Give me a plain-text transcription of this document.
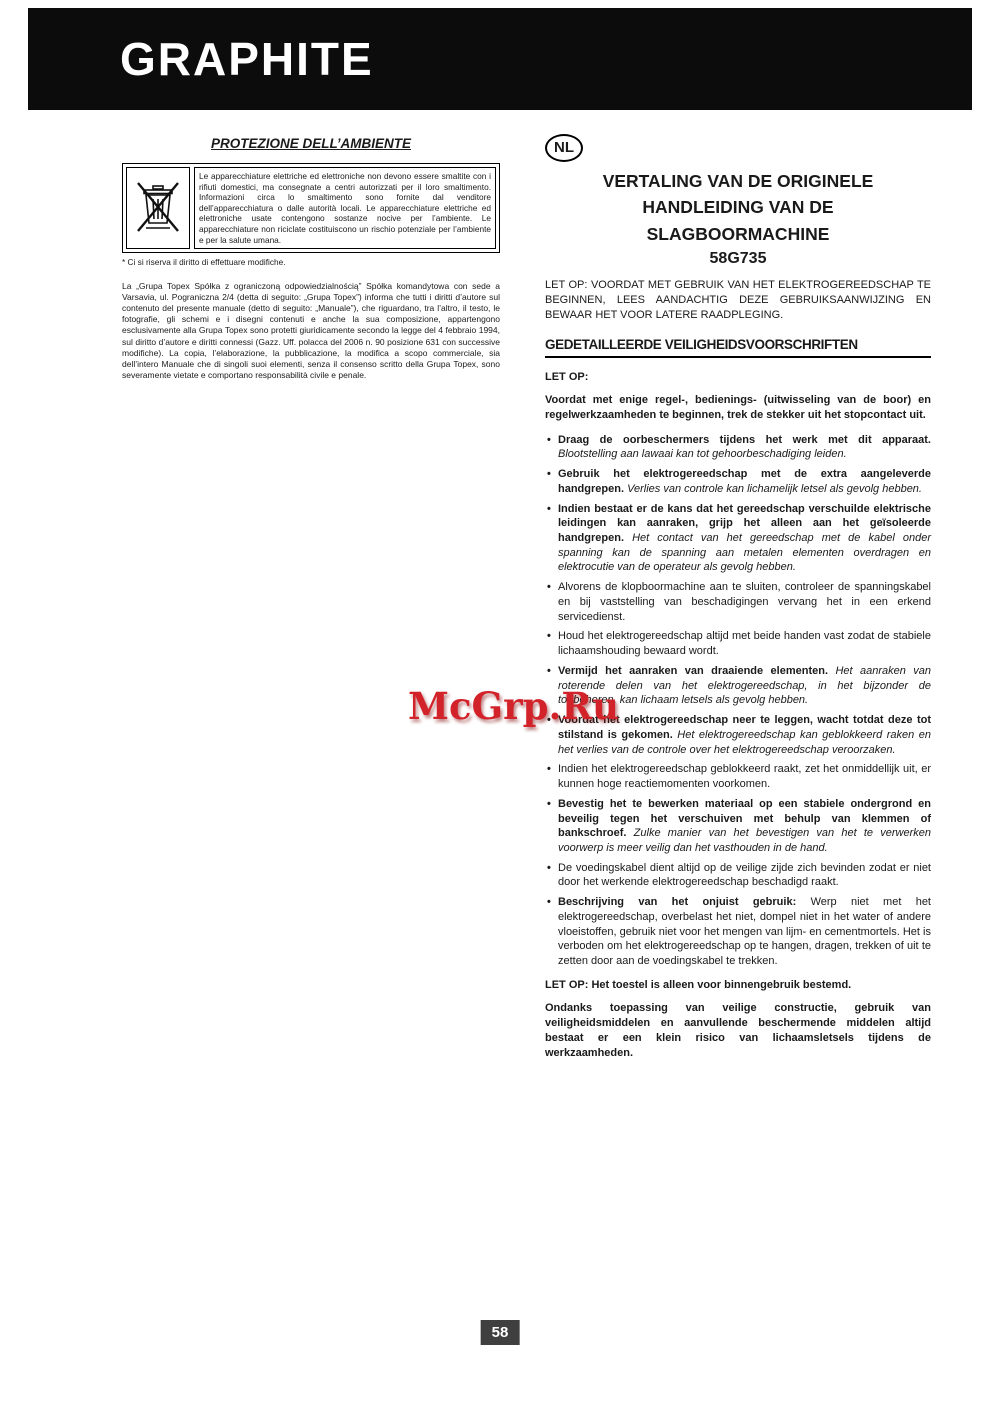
GRAPHITE
PROTEZIONE DELL’AMBIENTE
Le apparecchiature elettriche ed elettroniche non devono essere smaltite con i rifiuti domestici, ma consegnate a centri autorizzati per il loro smaltimento. Informazioni circa lo smaltimento sono fornite dal venditore dell’apparecchiatura o dalle autorità locali. Le apparecchiature elettriche ed elettroniche usate contengono sostanze nocive per l’ambiente. Le apparecchiature non riciclate costituiscono un rischio potenziale per l’ambiente e per la salute umana.
* Ci si riserva il diritto di effettuare modifiche.
La „Grupa Topex Spółka z ograniczoną odpowiedzialnością” Spółka komandytowa con sede a Varsavia, ul. Pograniczna 2/4 (detta di seguito: „Grupa Topex”) informa che tutti i diritti d’autore sul contenuto del presente manuale (detto di seguito: „Manuale”), che riguardano, tra l’altro, il testo, le fotografie, gli schemi e i disegni contenuti e anche la sua composizione, appartengono esclusivamente alla Grupa Topex sono protetti giuridicamente secondo la legge del 4 febbraio 1994, sul diritto d’autore e diritti connessi (Gazz. Uff. polacca del 2006 n. 90 posizione 631 con successive modifiche). La copia, l’elaborazione, la pubblicazione, la modifica a scopo commerciale, sia dell’intero Manuale che di singoli suoi elementi, senza il consenso scritto della Grupa Topex, sono severamente vietate e comportano responsabilità civile e penale.
NL
VERTALING VAN DE ORIGINELE
HANDLEIDING VAN DE
SLAGBOORMACHINE
58G735
LET OP: VOORDAT MET GEBRUIK VAN HET ELEKTROGEREEDSCHAP TE BEGINNEN, LEES AANDACHTIG DEZE GEBRUIKSAANWIJZING EN BEWAAR HET VOOR LATERE RAADPLEGING.
GEDETAILLEERDE VEILIGHEIDSVOORSCHRIFTEN
LET OP:
Voordat met enige regel-, bedienings- (uitwisseling van de boor) en regelwerkzaamheden te beginnen, trek de stekker uit het stopcontact uit.
• Draag de oorbeschermers tijdens het werk met dit apparaat. Blootstelling aan lawaai kan tot gehoorbeschadiging leiden.
• Gebruik het elektrogereedschap met de extra aangeleverde handgrepen. Verlies van controle kan lichamelijk letsel als gevolg hebben.
• Indien bestaat er de kans dat het gereedschap verschuilde elektrische leidingen kan aanraken, grijp het alleen aan het geïsoleerde handgrepen. Het contact van het gereedschap met de kabel onder spanning kan de spanning aan metalen elementen overdragen en elektrocutie van de operateur als gevolg hebben.
• Alvorens de klopboormachine aan te sluiten, controleer de spanningskabel en bij vaststelling van beschadigingen vervang het in een erkend servicedienst.
• Houd het elektrogereedschap altijd met beide handen vast zodat de stabiele lichaamshouding bewaard wordt.
• Vermijd het aanraken van draaiende elementen. Het aanraken van roterende delen van het elektrogereedschap, in het bijzonder de toebehoren, kan lichaam letsels als gevolg hebben.
• Voordat het elektrogereedschap neer te leggen, wacht totdat deze tot stilstand is gekomen. Het elektrogereedschap kan geblokkeerd raken en het verlies van de controle over het elektrogereedschap veroorzaken.
• Indien het elektrogereedschap geblokkeerd raakt, zet het onmiddellijk uit, er kunnen hoge reactiemomenten voorkomen.
• Bevestig het te bewerken materiaal op een stabiele ondergrond en beveilig tegen het verschuiven met behulp van klemmen of bankschroef. Zulke manier van het bevestigen van het te verwerken voorwerp is meer veilig dan het vasthouden in de hand.
• De voedingskabel dient altijd op de veilige zijde zich bevinden zodat er niet door het werkende elektrogereedschap beschadigd raakt.
• Beschrijving van het onjuist gebruik: Werp niet met het elektrogereedschap, overbelast het niet, dompel niet in het water of andere vloeistoffen, gebruik niet voor het mengen van lijm- en cementmortels. Het is verboden om het elektrogereedschap op te hangen, dragen, trekken of uit te zetten door aan de voedingskabel te trekken.
LET OP: Het toestel is alleen voor binnengebruik bestemd.
Ondanks toepassing van veilige constructie, gebruik van veiligheidsmiddelen en aanvullende beschermende middelen altijd bestaat er een klein risico van lichaamsletsels tijdens de werkzaamheden.
McGrp.Ru
58
